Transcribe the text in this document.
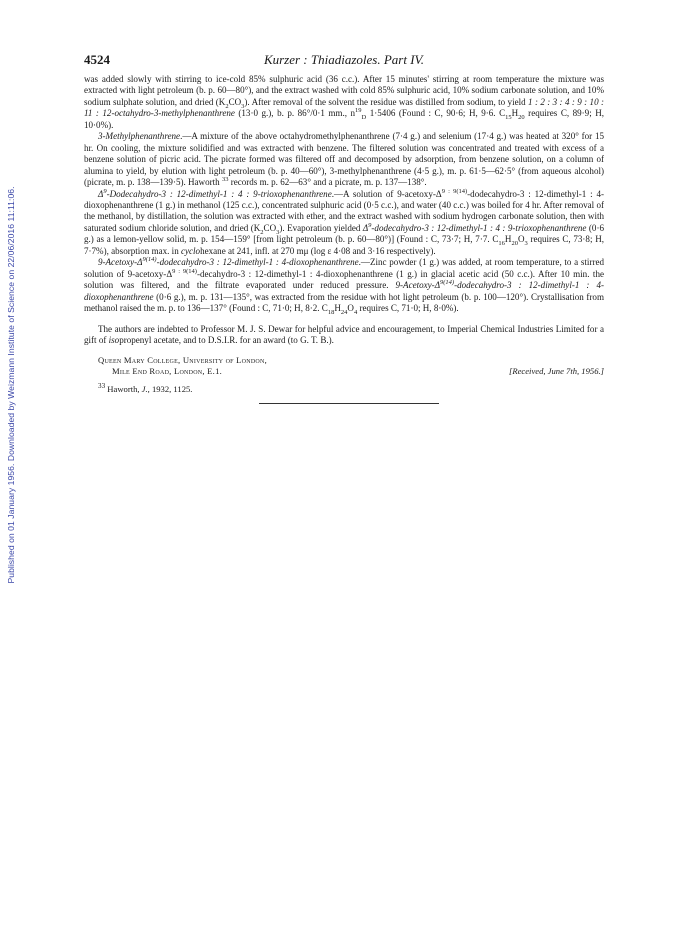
Published on 01 January 1956. Downloaded by Weizmann Institute of Science on 22/06/2016 11:11:06.
4524	Kurzer : Thiadiazoles. Part IV.

was added slowly with stirring to ice-cold 85% sulphuric acid (36 c.c.). After 15 minutes' stirring at room temperature the mixture was extracted with light petroleum (b. p. 60—80°), and the extract washed with cold 85% sulphuric acid, 10% sodium carbonate solution, and 10% sodium sulphate solution, and dried $(K_2CO_3)$. After removal of the solvent the residue was distilled from sodium, to yield 1 : 2 : 3 : 4 : 9 : 10 : 11 : 12-octahydro-3-methylphenanthrene (13·0 g.), b. p. 86°/0·1 mm., $n^{19}_D$ 1·5406 (Found : C, 90·6; H, 9·6. $C_{15}H_{20}$ requires C, 89·9; H, 10·0%).

3-Methylphenanthrene.—A mixture of the above octahydromethylphenanthrene (7·4 g.) and selenium (17·4 g.) was heated at 320° for 15 hr. On cooling, the mixture solidified and was extracted with benzene. The filtered solution was concentrated and treated with excess of a benzene solution of picric acid. The picrate formed was filtered off and decomposed by adsorption, from benzene solution, on a column of alumina to yield, by elution with light petroleum (b. p. 40—60°), 3-methylphenanthrene (4·5 g.), m. p. 61·5—62·5° (from aqueous alcohol) (picrate, m. p. 138—139·5). Haworth $^{33}$ records m. p. 62—63° and a picrate, m. p. 137—138°.

$\Delta^9-Dodecahydro-3$ : 12-dimethyl-1 : 4 : 9-trioxophenanthrene.—A solution of $9-acetoxy-\Delta^{9 : 9(14)}-dodecahydro-3$ : 12-dimethyl-1 : 4-dioxophenanthrene (1 g.) in methanol (125 c.c.), concentrated sulphuric acid (0·5 c.c.), and water (40 c.c.) was boiled for 4 hr. After removal of the methanol, by distillation, the solution was extracted with ether, and the extract washed with sodium hydrogen carbonate solution, then with saturated sodium chloride solution, and dried $(K_2CO_3)$. Evaporation yielded $\Delta^9-dodecahydro-3$ : 12-dimethyl-1 : 4 : 9-trioxophenanthrene (0·6 g.) as a lemon-yellow solid, m. p. 154—159° [from light petroleum (b. p. 60—80°)] (Found : C, 73·7; H, 7·7. $C_{16}H_{20}O_3$ requires C, 73·8; H, 7·7%), absorption max. in cyclohexane at 241, infl. at 270 mμ (log ε 4·08 and 3·16 respectively).

$9-Acetoxy-\Delta^{9(14)}-dodecahydro-3$ : 12-dimethyl-1 : 4-dioxophenanthrene.—Zinc powder (1 g.) was added, at room temperature, to a stirred solution of $9-acetoxy-\Delta^{9 : 9(14)}-decahydro-3$ : 12-dimethyl-1 : 4-dioxophenanthrene (1 g.) in glacial acetic acid (50 c.c.). After 10 min. the solution was filtered, and the filtrate evaporated under reduced pressure. $9-Acetoxy-\Delta^{9(14)}-dodecahydro-3$ : 12-dimethyl-1 : 4-dioxophenanthrene (0·6 g.), m. p. 131—135°, was extracted from the residue with hot light petroleum (b. p. 100—120°). Crystallisation from methanol raised the m. p. to 136—137° (Found : C, 71·0; H, 8·2. $C_{18}H_{24}O_4$ requires C, 71·0; H, 8·0%).

The authors are indebted to Professor M. J. S. Dewar for helpful advice and encouragement, to Imperial Chemical Industries Limited for a gift of isopropenyl acetate, and to D.S.I.R. for an award (to G. T. B.).

Queen Mary College, University of London,
Mile End Road, London, E.1.	[Received, June 7th, 1956.]
$^{33}$ Haworth, J., 1932, 1125.
